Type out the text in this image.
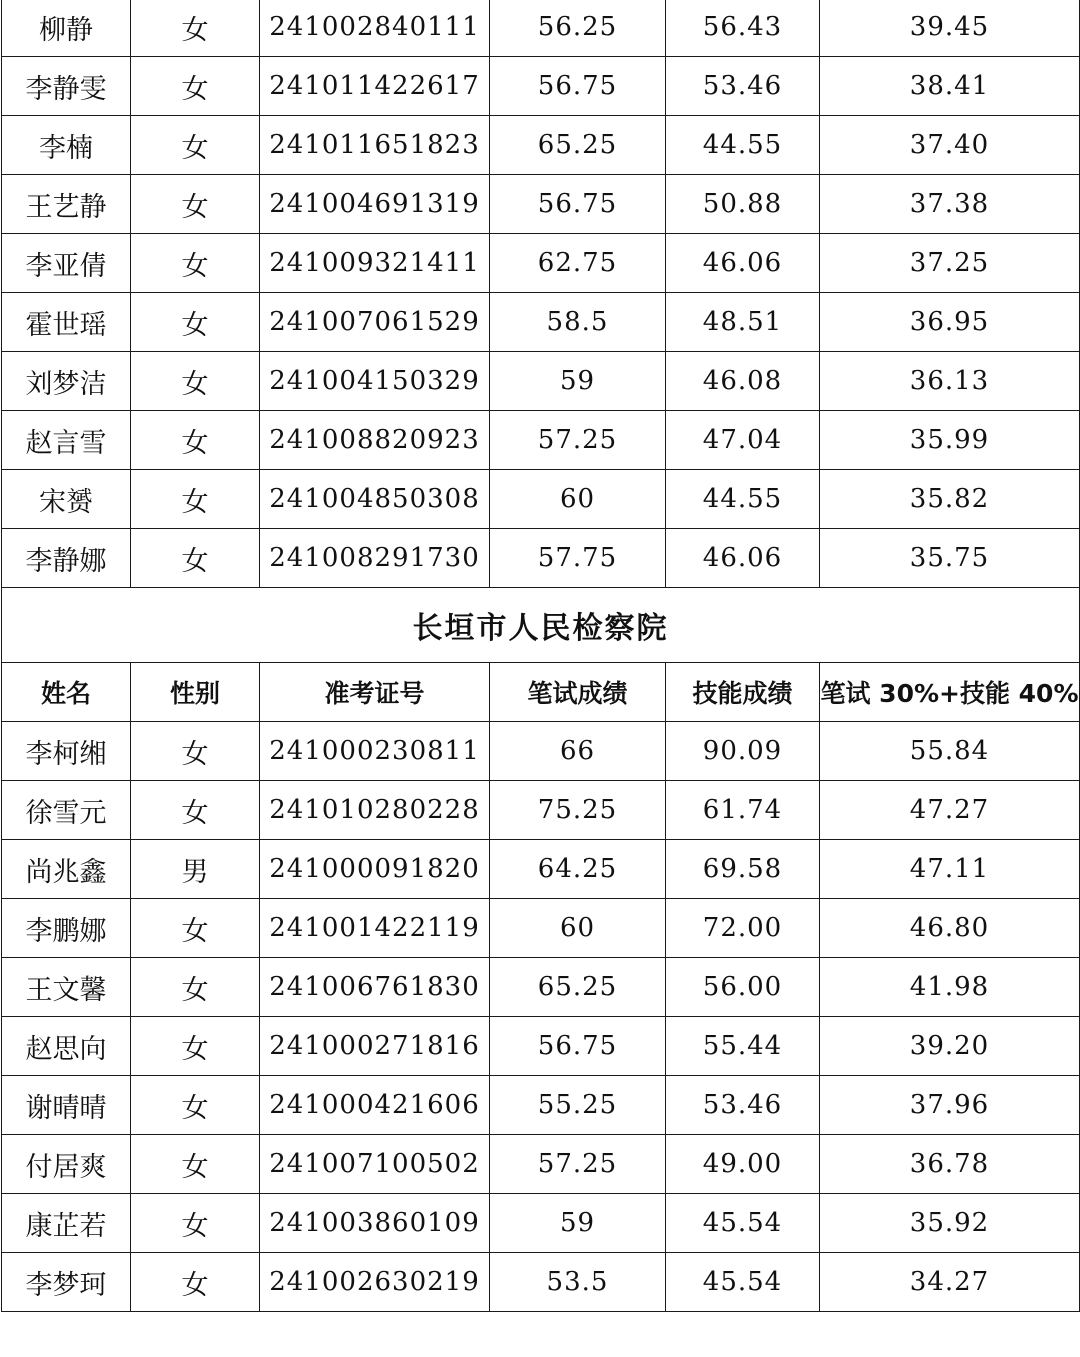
柳静	女	241002840111	56.25	56.43	39.45
李静雯	女	241011422617	56.75	53.46	38.41
李楠	女	241011651823	65.25	44.55	37.40
王艺静	女	241004691319	56.75	50.88	37.38
李亚倩	女	241009321411	62.75	46.06	37.25
霍世瑶	女	241007061529	58.5	48.51	36.95
刘梦洁	女	241004150329	59	46.08	36.13
赵言雪	女	241008820923	57.25	47.04	35.99
宋赟	女	241004850308	60	44.55	35.82
李静娜	女	241008291730	57.75	46.06	35.75
长垣市人民检察院					
姓名	性别	准考证号	笔试成绩	技能成绩	笔试 30%+技能 40%
李柯缃	女	241000230811	66	90.09	55.84
徐雪元	女	241010280228	75.25	61.74	47.27
尚兆鑫	男	241000091820	64.25	69.58	47.11
李鹏娜	女	241001422119	60	72.00	46.80
王文馨	女	241006761830	65.25	56.00	41.98
赵思向	女	241000271816	56.75	55.44	39.20
谢晴晴	女	241000421606	55.25	53.46	37.96
付居爽	女	241007100502	57.25	49.00	36.78
康芷若	女	241003860109	59	45.54	35.92
李梦珂	女	241002630219	53.5	45.54	34.27
